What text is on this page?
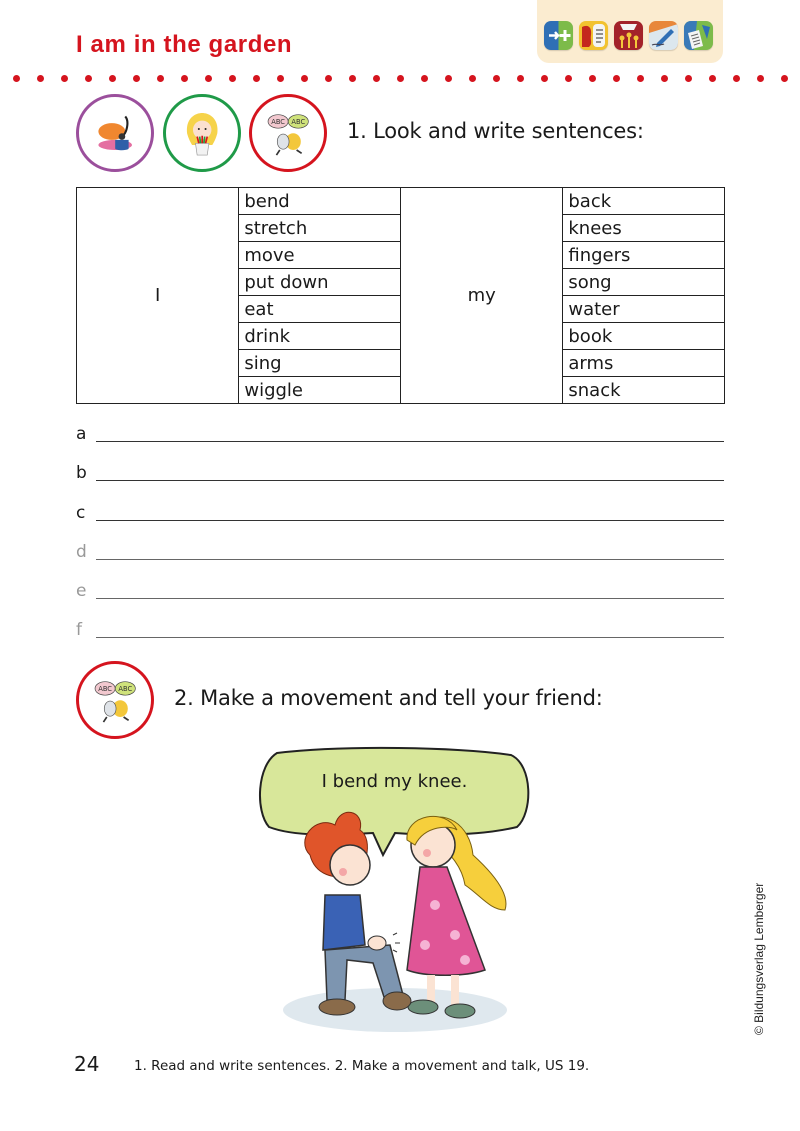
I am in the garden
ABC ABC 1. Look and write sentences:
I	bend	my	back
	stretch		knees
	move		fingers
	put down		song
	eat		water
	drink		book
	sing		arms
	wiggle		snack
a
b
c
d
e
f
ABC ABC 2. Make a movement and tell your friend:
I bend my knee.
© Bildungsverlag Lemberger
24	1. Read and write sentences. 2. Make a movement and talk, US 19.
